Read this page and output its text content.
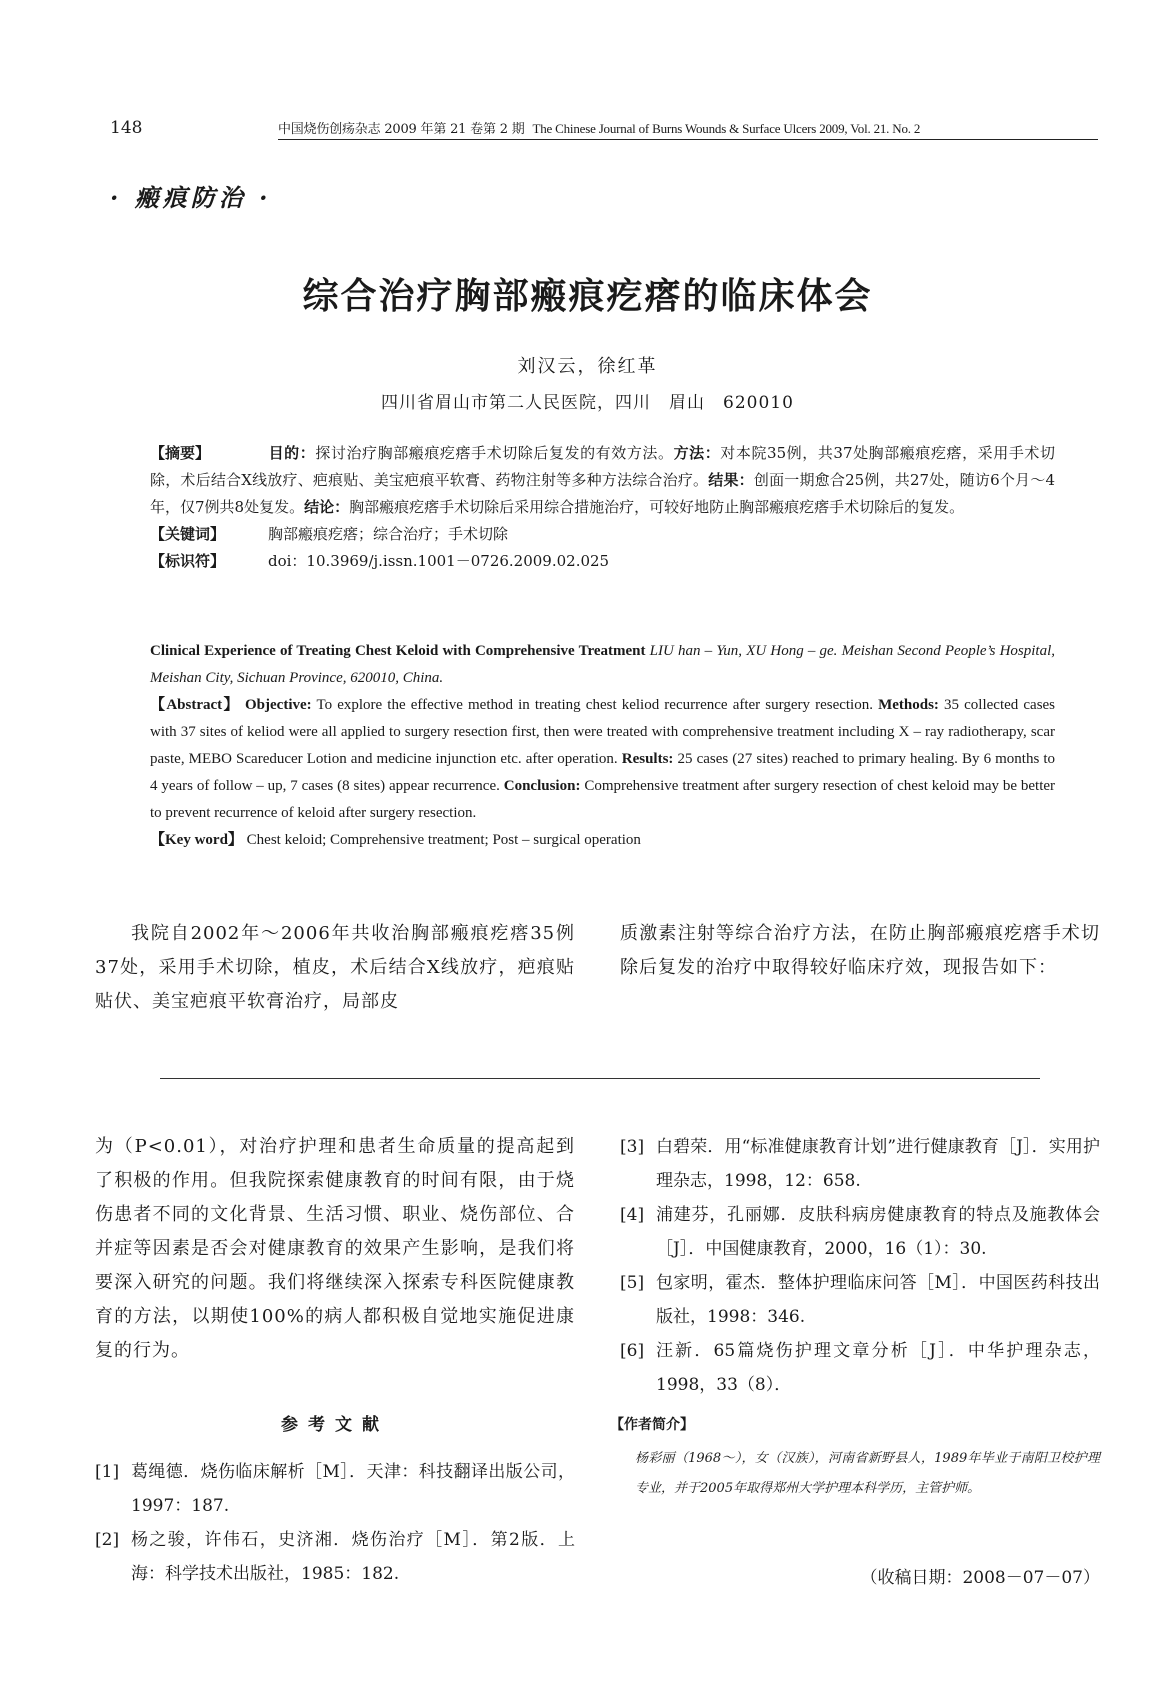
148	中国烧伤创疡杂志 2009 年第 21 卷第 2 期 The Chinese Journal of Burns Wounds & Surface Ulcers 2009, Vol. 21. No. 2
· 瘢痕防治 ·
综合治疗胸部瘢痕疙瘩的临床体会
刘汉云，徐红革
四川省眉山市第二人民医院，四川　眉山　620010

【摘要】	目的：探讨治疗胸部瘢痕疙瘩手术切除后复发的有效方法。方法：对本院35例，共37处胸部瘢痕疙瘩，采用手术切除，术后结合X线放疗、疤痕贴、美宝疤痕平软膏、药物注射等多种方法综合治疗。结果：创面一期愈合25例，共27处，随访6个月～4年，仅7例共8处复发。结论：胸部瘢痕疙瘩手术切除后采用综合措施治疗，可较好地防止胸部瘢痕疙瘩手术切除后的复发。

【关键词】	胸部瘢痕疙瘩；综合治疗；手术切除

【标识符】	doi：10.3969/j.issn.1001－0726.2009.02.025

Clinical Experience of Treating Chest Keloid with Comprehensive Treatment LIU han – Yun, XU Hong – ge. Meishan Second People’s Hospital, Meishan City, Sichuan Province, 620010, China.

【Abstract】 Objective: To explore the effective method in treating chest keliod recurrence after surgery resection. Methods: 35 collected cases with 37 sites of keliod were all applied to surgery resection first, then were treated with comprehensive treatment including X – ray radiotherapy, scar paste, MEBO Scareducer Lotion and medicine injunction etc. after operation. Results: 25 cases (27 sites) reached to primary healing. By 6 months to 4 years of follow – up, 7 cases (8 sites) appear recurrence. Conclusion: Comprehensive treatment after surgery resection of chest keloid may be better to prevent recurrence of keloid after surgery resection.

【Key word】 Chest keloid; Comprehensive treatment; Post – surgical operation

我院自2002年～2006年共收治胸部瘢痕疙瘩35例37处，采用手术切除，植皮，术后结合X线放疗，疤痕贴贴伏、美宝疤痕平软膏治疗，局部皮
质激素注射等综合治疗方法，在防止胸部瘢痕疙瘩手术切除后复发的治疗中取得较好临床疗效，现报告如下：
为（P<0.01），对治疗护理和患者生命质量的提高起到了积极的作用。但我院探索健康教育的时间有限，由于烧伤患者不同的文化背景、生活习惯、职业、烧伤部位、合并症等因素是否会对健康教育的效果产生影响，是我们将要深入研究的问题。我们将继续深入探索专科医院健康教育的方法，以期使100%的病人都积极自觉地实施促进康复的行为。
参考文献
[1] 葛绳德．烧伤临床解析［M］．天津：科技翻译出版公司，1997：187.
[2] 杨之骏，许伟石，史济湘．烧伤治疗［M］．第2版．上海：科学技术出版社，1985：182.
[3] 白碧荣．用“标准健康教育计划”进行健康教育［J］．实用护理杂志，1998，12：658.
[4] 浦建芬，孔丽娜．皮肤科病房健康教育的特点及施教体会［J］．中国健康教育，2000，16（1）：30.
[5] 包家明，霍杰．整体护理临床问答［M］．中国医药科技出版社，1998：346.
[6] 汪新．65篇烧伤护理文章分析［J］．中华护理杂志，1998，33（8）．
【作者简介】
杨彩丽（1968～），女（汉族），河南省新野县人，1989年毕业于南阳卫校护理专业，并于2005年取得郑州大学护理本科学历，主管护师。
（收稿日期：2008－07－07）
